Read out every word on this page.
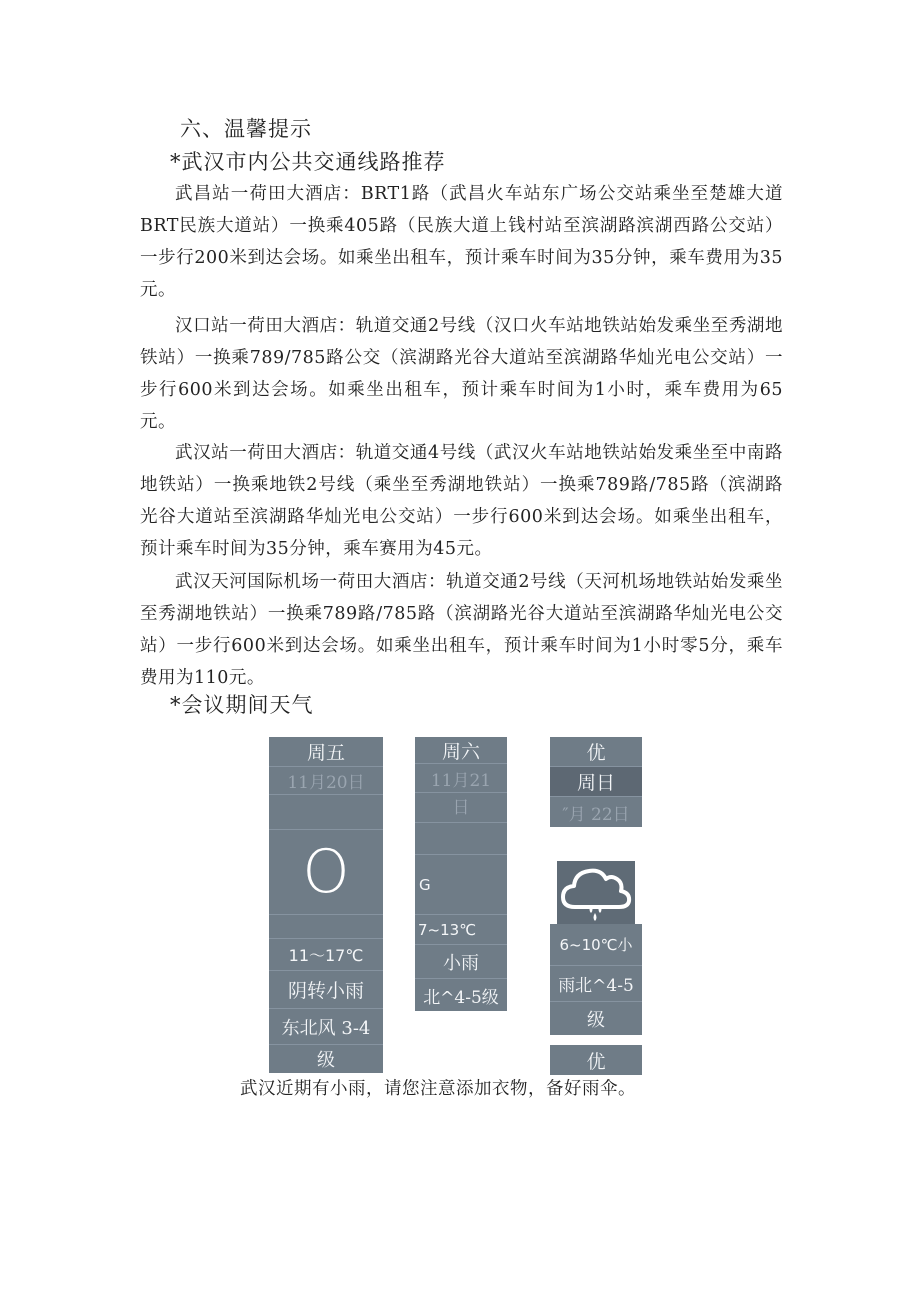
六、温馨提示
*武汉市内公共交通线路推荐
武昌站一荷田大酒店：BRT1路（武昌火车站东广场公交站乘坐至楚雄大道BRT民族大道站）一换乘405路（民族大道上钱村站至滨湖路滨湖西路公交站）一步行200米到达会场。如乘坐出租车，预计乘车时间为35分钟，乘车费用为35元。
汉口站一荷田大酒店：轨道交通2号线（汉口火车站地铁站始发乘坐至秀湖地铁站）一换乘789/785路公交（滨湖路光谷大道站至滨湖路华灿光电公交站）一步行600米到达会场。如乘坐出租车，预计乘车时间为1小时，乘车费用为65元。
武汉站一荷田大酒店：轨道交通4号线（武汉火车站地铁站始发乘坐至中南路地铁站）一换乘地铁2号线（乘坐至秀湖地铁站）一换乘789路/785路（滨湖路光谷大道站至滨湖路华灿光电公交站）一步行600米到达会场。如乘坐出租车，预计乘车时间为35分钟，乘车赛用为45元。
武汉天河国际机场一荷田大酒店：轨道交通2号线（天河机场地铁站始发乘坐至秀湖地铁站）一换乘789路/785路（滨湖路光谷大道站至滨湖路华灿光电公交站）一步行600米到达会场。如乘坐出租车，预计乘车时间为1小时零5分，乘车费用为110元。
*会议期间天气
周五
11月20日
O
11～17℃
阴转小雨
东北风 3-4
级
周六
11月21
日
G
7~13℃
小雨
北^4-5级
优
周日
″月 22日
6~10℃小
雨北^4-5
级
优
武汉近期有小雨，请您注意添加衣物，备好雨伞。
